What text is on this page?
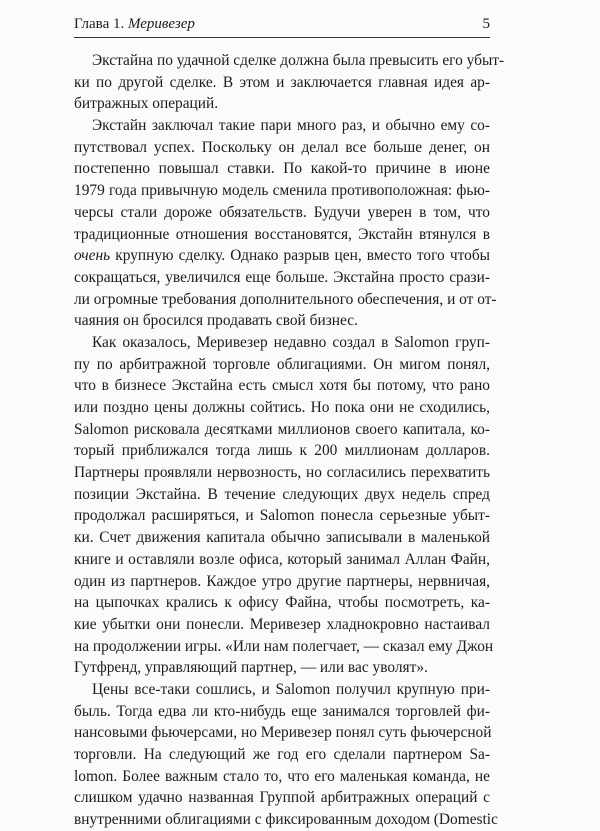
Глава 1. Меривезер	5
Экстайна по удачной сделке должна была превысить его убыт-
ки по другой сделке. В этом и заключается главная идея ар-
битражных операций.
Экстайн заключал такие пари много раз, и обычно ему со-
путствовал успех. Поскольку он делал все больше денег, он
постепенно повышал ставки. По какой-то причине в июне
1979 года привычную модель сменила противоположная: фью-
черсы стали дороже обязательств. Будучи уверен в том, что
традиционные отношения восстановятся, Экстайн втянулся в
очень крупную сделку. Однако разрыв цен, вместо того чтобы
сокращаться, увеличился еще больше. Экстайна просто срази-
ли огромные требования дополнительного обеспечения, и от от-
чаяния он бросился продавать свой бизнес.
Как оказалось, Меривезер недавно создал в Salomon груп-
пу по арбитражной торговле облигациями. Он мигом понял,
что в бизнесе Экстайна есть смысл хотя бы потому, что рано
или поздно цены должны сойтись. Но пока они не сходились,
Salomon рисковала десятками миллионов своего капитала, ко-
торый приближался тогда лишь к 200 миллионам долларов.
Партнеры проявляли нервозность, но согласились перехватить
позиции Экстайна. В течение следующих двух недель спред
продолжал расширяться, и Salomon понесла серьезные убыт-
ки. Счет движения капитала обычно записывали в маленькой
книге и оставляли возле офиса, который занимал Аллан Файн,
один из партнеров. Каждое утро другие партнеры, нервничая,
на цыпочках крались к офису Файна, чтобы посмотреть, ка-
кие убытки они понесли. Меривезер хладнокровно настаивал
на продолжении игры. «Или нам полегчает, — сказал ему Джон
Гутфренд, управляющий партнер, — или вас уволят».
Цены все-таки сошлись, и Salomon получил крупную при-
быль. Тогда едва ли кто-нибудь еще занимался торговлей фи-
нансовыми фьючерсами, но Меривезер понял суть фьючерсной
торговли. На следующий же год его сделали партнером Sa-
lomon. Более важным стало то, что его маленькая команда, не
слишком удачно названная Группой арбитражных операций с
внутренними облигациями с фиксированным доходом (Domestic
